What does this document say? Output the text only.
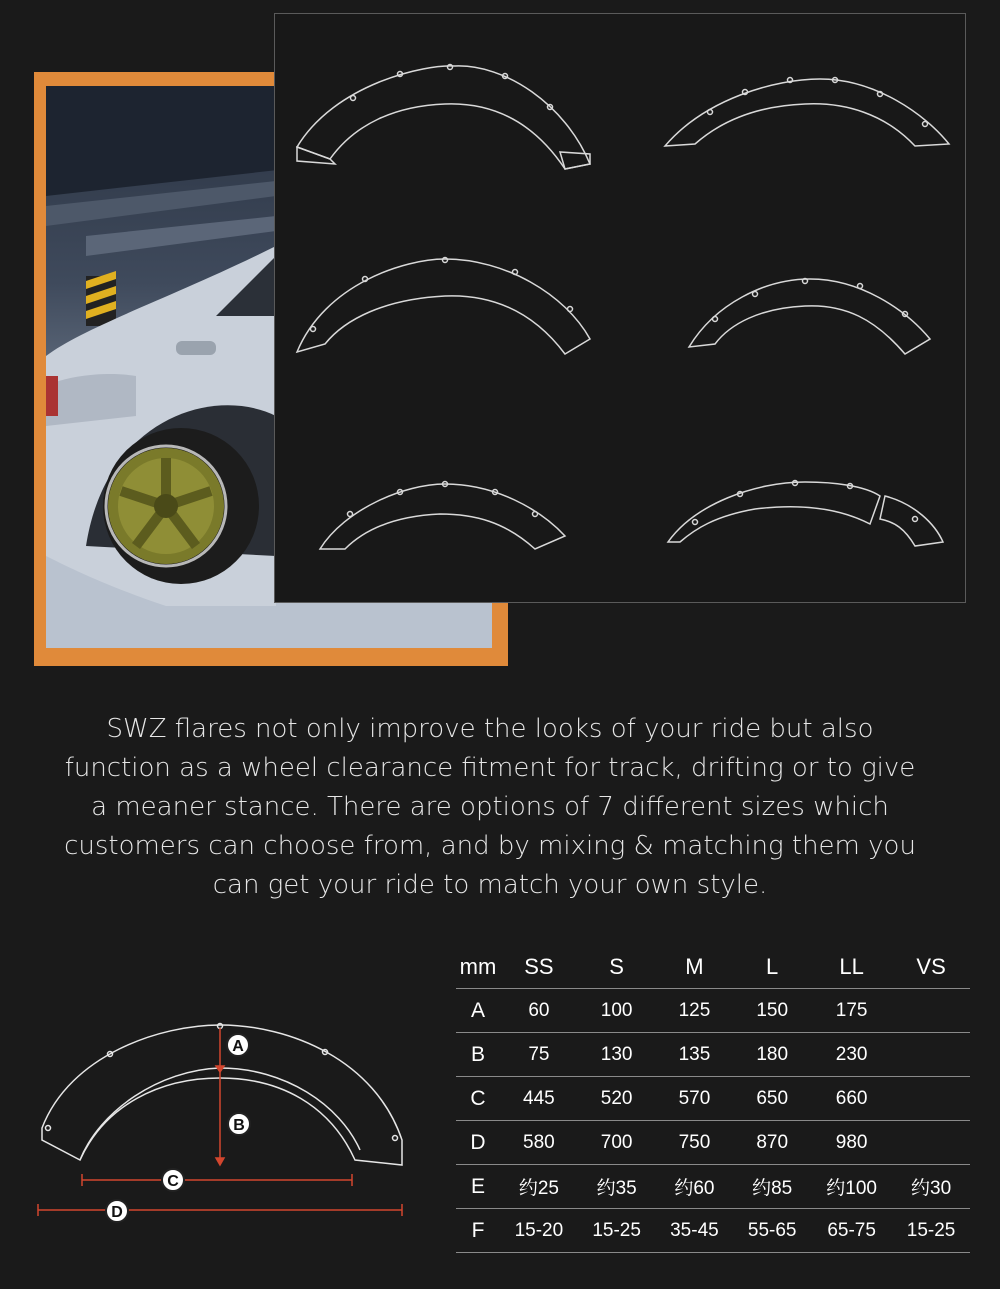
SWZ flares not only improve the looks of your ride but also function as a wheel clearance fitment for track, drifting or to give a meaner stance. There are options of 7 different sizes which customers can choose from, and by mixing & matching them you can get your ride to match your own style.

A
B
C
D
mm	SS	S	M	L	LL	VS
A	60	100	125	150	175	
B	75	130	135	180	230	
C	445	520	570	650	660	
D	580	700	750	870	980	
E	约25	约35	约60	约85	约100	约30
F	15-20	15-25	35-45	55-65	65-75	15-25
